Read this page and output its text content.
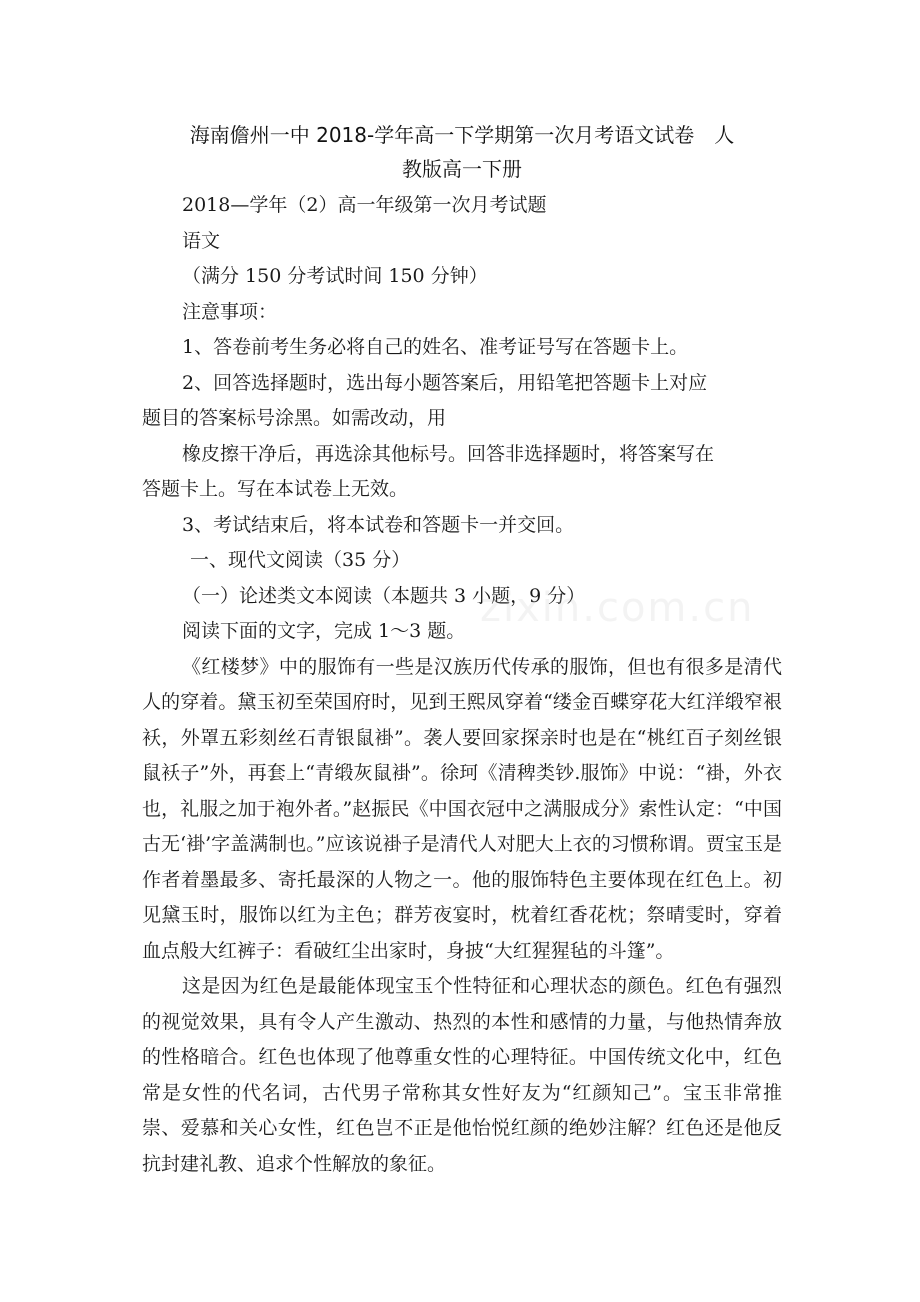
海南儋州一中 2018-学年高一下学期第一次月考语文试卷　人
教版高一下册

2018—学年（2）高一年级第一次月考试题

语文

（满分 150 分考试时间 150 分钟）

注意事项：

1、答卷前考生务必将自己的姓名、准考证号写在答题卡上。

2、回答选择题时，选出每小题答案后，用铅笔把答题卡上对应

题目的答案标号涂黑。如需改动，用

橡皮擦干净后，再选涂其他标号。回答非选择题时，将答案写在

答题卡上。写在本试卷上无效。

3、考试结束后，将本试卷和答题卡一并交回。

一、现代文阅读（35 分）

（一）论述类文本阅读（本题共 3 小题，9 分）

阅读下面的文字，完成 1～3 题。

《红楼梦》中的服饰有一些是汉族历代传承的服饰，但也有很多是清代人的穿着。黛玉初至荣国府时，见到王熙凤穿着“缕金百蝶穿花大红洋缎窄裉袄，外罩五彩刻丝石青银鼠褂”。袭人要回家探亲时也是在“桃红百子刻丝银鼠袄子”外，再套上“青缎灰鼠褂”。徐珂《清稗类钞.服饰》中说：“褂，外衣也，礼服之加于袍外者。”赵振民《中国衣冠中之满服成分》索性认定：“中国古无‘褂’字盖满制也。”应该说褂子是清代人对肥大上衣的习惯称谓。贾宝玉是作者着墨最多、寄托最深的人物之一。他的服饰特色主要体现在红色上。初见黛玉时，服饰以红为主色；群芳夜宴时，枕着红香花枕；祭晴雯时，穿着血点般大红裤子：看破红尘出家时，身披“大红猩猩毡的斗篷”。

这是因为红色是最能体现宝玉个性特征和心理状态的颜色。红色有强烈的视觉效果，具有令人产生激动、热烈的本性和感情的力量，与他热情奔放的性格暗合。红色也体现了他尊重女性的心理特征。中国传统文化中，红色常是女性的代名词，古代男子常称其女性好友为“红颜知己”。宝玉非常推崇、爱慕和关心女性，红色岂不正是他怡悦红颜的绝妙注解？红色还是他反抗封建礼教、追求个性解放的象征。

zixin.com.cn
